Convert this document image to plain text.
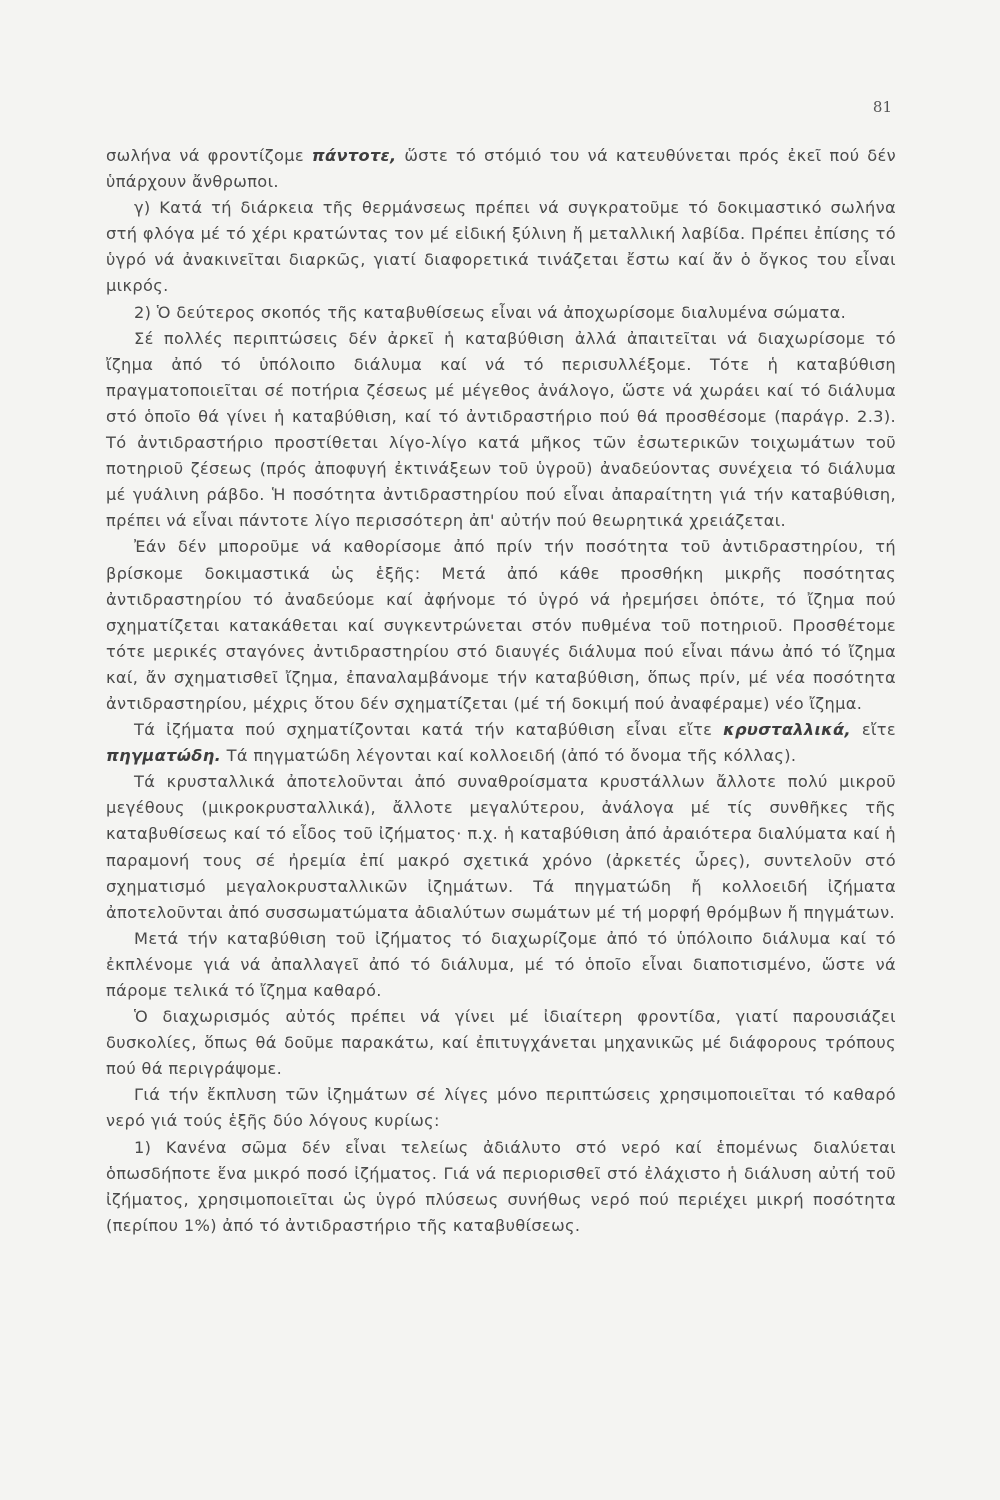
81

σωλήνα νά φροντίζομε πάντοτε, ὥστε τό στόμιό του νά κατευθύνεται πρός ἐκεῖ πού δέν ὑπάρχουν ἄνθρωποι.

γ) Κατά τή διάρκεια τῆς θερμάνσεως πρέπει νά συγκρατοῦμε τό δοκιμαστικό σωλήνα στή φλόγα μέ τό χέρι κρατώντας τον μέ εἰδική ξύλινη ἤ μεταλλική λαβίδα. Πρέπει ἐπίσης τό ὑγρό νά ἀνακινεῖται διαρκῶς, γιατί διαφορετικά τινάζεται ἔστω καί ἄν ὁ ὄγκος του εἶναι μικρός.

2) Ὁ δεύτερος σκοπός τῆς καταβυθίσεως εἶναι νά ἀποχωρίσομε διαλυμένα σώματα.

Σέ πολλές περιπτώσεις δέν ἀρκεῖ ἡ καταβύθιση ἀλλά ἀπαιτεῖται νά διαχωρίσομε τό ἴζημα ἀπό τό ὑπόλοιπο διάλυμα καί νά τό περισυλλέξομε. Τότε ἡ καταβύθιση πραγματοποιεῖται σέ ποτήρια ζέσεως μέ μέγεθος ἀνάλογο, ὥστε νά χωράει καί τό διάλυμα στό ὁποῖο θά γίνει ἡ καταβύθιση, καί τό ἀντιδραστήριο πού θά προσθέσομε (παράγρ. 2.3). Τό ἀντιδραστήριο προστίθεται λίγο-λίγο κατά μῆκος τῶν ἐσωτερικῶν τοιχωμάτων τοῦ ποτηριοῦ ζέσεως (πρός ἀποφυγή ἐκτινάξεων τοῦ ὑγροῦ) ἀναδεύοντας συνέχεια τό διάλυμα μέ γυάλινη ράβδο. Ἡ ποσότητα ἀντιδραστηρίου πού εἶναι ἀπαραίτητη γιά τήν καταβύθιση, πρέπει νά εἶναι πάντοτε λίγο περισσότερη ἀπ' αὐτήν πού θεωρητικά χρειάζεται.

Ἐάν δέν μποροῦμε νά καθορίσομε ἀπό πρίν τήν ποσότητα τοῦ ἀντιδραστηρίου, τή βρίσκομε δοκιμαστικά ὡς ἑξῆς: Μετά ἀπό κάθε προσθήκη μικρῆς ποσότητας ἀντιδραστηρίου τό ἀναδεύομε καί ἀφήνομε τό ὑγρό νά ἠρεμήσει ὁπότε, τό ἴζημα πού σχηματίζεται κατακάθεται καί συγκεντρώνεται στόν πυθμένα τοῦ ποτηριοῦ. Προσθέτομε τότε μερικές σταγόνες ἀντιδραστηρίου στό διαυγές διάλυμα πού εἶναι πάνω ἀπό τό ἴζημα καί, ἄν σχηματισθεῖ ἴζημα, ἐπαναλαμβάνομε τήν καταβύθιση, ὅπως πρίν, μέ νέα ποσότητα ἀντιδραστηρίου, μέχρις ὅτου δέν σχηματίζεται (μέ τή δοκιμή πού ἀναφέραμε) νέο ἴζημα.

Τά ἰζήματα πού σχηματίζονται κατά τήν καταβύθιση εἶναι εἴτε κρυσταλλικά, εἴτε πηγματώδη. Τά πηγματώδη λέγονται καί κολλοειδή (ἀπό τό ὄνομα τῆς κόλλας).

Τά κρυσταλλικά ἀποτελοῦνται ἀπό συναθροίσματα κρυστάλλων ἄλλοτε πολύ μικροῦ μεγέθους (μικροκρυσταλλικά), ἄλλοτε μεγαλύτερου, ἀνάλογα μέ τίς συνθῆκες τῆς καταβυθίσεως καί τό εἶδος τοῦ ἰζήματος· π.χ. ἡ καταβύθιση ἀπό ἀραιότερα διαλύματα καί ἡ παραμονή τους σέ ἠρεμία ἐπί μακρό σχετικά χρόνο (ἀρκετές ὧρες), συντελοῦν στό σχηματισμό μεγαλοκρυσταλλικῶν ἰζημάτων. Τά πηγματώδη ἤ κολλοειδή ἰζήματα ἀποτελοῦνται ἀπό συσσωματώματα ἀδιαλύτων σωμάτων μέ τή μορφή θρόμβων ἤ πηγμάτων.

Μετά τήν καταβύθιση τοῦ ἰζήματος τό διαχωρίζομε ἀπό τό ὑπόλοιπο διάλυμα καί τό ἐκπλένομε γιά νά ἀπαλλαγεῖ ἀπό τό διάλυμα, μέ τό ὁποῖο εἶναι διαποτισμένο, ὥστε νά πάρομε τελικά τό ἴζημα καθαρό.

Ὁ διαχωρισμός αὐτός πρέπει νά γίνει μέ ἰδιαίτερη φροντίδα, γιατί παρουσιάζει δυσκολίες, ὅπως θά δοῦμε παρακάτω, καί ἐπιτυγχάνεται μηχανικῶς μέ διάφορους τρόπους πού θά περιγράψομε.

Γιά τήν ἔκπλυση τῶν ἰζημάτων σέ λίγες μόνο περιπτώσεις χρησιμοποιεῖται τό καθαρό νερό γιά τούς ἑξῆς δύο λόγους κυρίως:

1) Κανένα σῶμα δέν εἶναι τελείως ἀδιάλυτο στό νερό καί ἑπομένως διαλύεται ὁπωσδήποτε ἕνα μικρό ποσό ἰζήματος. Γιά νά περιορισθεῖ στό ἐλάχιστο ἡ διάλυση αὐτή τοῦ ἰζήματος, χρησιμοποιεῖται ὡς ὑγρό πλύσεως συνήθως νερό πού περιέχει μικρή ποσότητα (περίπου 1%) ἀπό τό ἀντιδραστήριο τῆς καταβυθίσεως.
